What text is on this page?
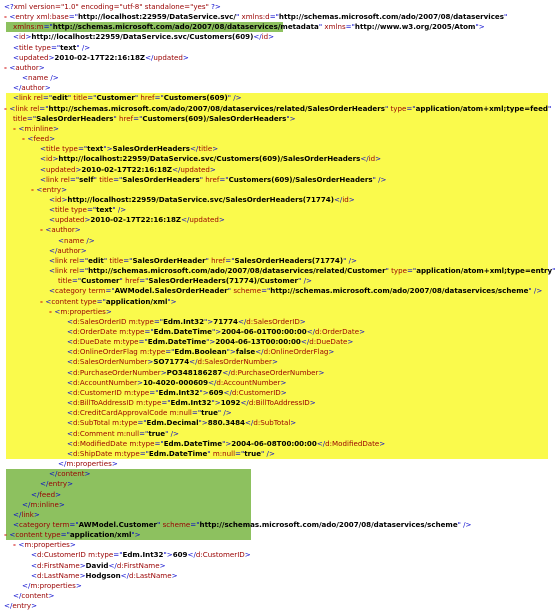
<?xml version="1.0" encoding="utf-8" standalone="yes" ?>
- <entry xml:base="http://localhost:22959/DataService.svc/" xmlns:d="http://schemas.microsoft.com/ado/2007/08/dataservices"
xmlns:m="http://schemas.microsoft.com/ado/2007/08/dataservices/metadata" xmlns="http://www.w3.org/2005/Atom">
<id>http://localhost:22959/DataService.svc/Customers(609)</id>
<title type="text" />
<updated>2010-02-17T22:16:18Z</updated>
- <author>
<name />
</author>
<link rel="edit" title="Customer" href="Customers(609)" />
- <link rel="http://schemas.microsoft.com/ado/2007/08/dataservices/related/SalesOrderHeaders" type="application/atom+xml;type=feed"
title="SalesOrderHeaders" href="Customers(609)/SalesOrderHeaders">
- <m:inline>
- <feed>
<title type="text">SalesOrderHeaders</title>
<id>http://localhost:22959/DataService.svc/Customers(609)/SalesOrderHeaders</id>
<updated>2010-02-17T22:16:18Z</updated>
<link rel="self" title="SalesOrderHeaders" href="Customers(609)/SalesOrderHeaders" />
- <entry>
<id>http://localhost:22959/DataService.svc/SalesOrderHeaders(71774)</id>
<title type="text" />
<updated>2010-02-17T22:16:18Z</updated>
- <author>
<name />
</author>
<link rel="edit" title="SalesOrderHeader" href="SalesOrderHeaders(71774)" />
<link rel="http://schemas.microsoft.com/ado/2007/08/dataservices/related/Customer" type="application/atom+xml;type=entry
title="Customer" href="SalesOrderHeaders(71774)/Customer" />
<category term="AWModel.SalesOrderHeader" scheme="http://schemas.microsoft.com/ado/2007/08/dataservices/scheme" />
- <content type="application/xml">
- <m:properties>
<d:SalesOrderID m:type="Edm.Int32">71774</d:SalesOrderID>
<d:OrderDate m:type="Edm.DateTime">2004-06-01T00:00:00</d:OrderDate>
<d:DueDate m:type="Edm.DateTime">2004-06-13T00:00:00</d:DueDate>
<d:OnlineOrderFlag m:type="Edm.Boolean">false</d:OnlineOrderFlag>
<d:SalesOrderNumber>SO71774</d:SalesOrderNumber>
<d:PurchaseOrderNumber>PO348186287</d:PurchaseOrderNumber>
<d:AccountNumber>10-4020-000609</d:AccountNumber>
<d:CustomerID m:type="Edm.Int32">609</d:CustomerID>
<d:BillToAddressID m:type="Edm.Int32">1092</d:BillToAddressID>
<d:CreditCardApprovalCode m:null="true" />
<d:SubTotal m:type="Edm.Decimal">880.3484</d:SubTotal>
<d:Comment m:null="true" />
<d:ModifiedDate m:type="Edm.DateTime">2004-06-08T00:00:00</d:ModifiedDate>
<d:ShipDate m:type="Edm.DateTime" m:null="true" />
</m:properties>
</content>
</entry>
</feed>
</m:inline>
</link>
<category term="AWModel.Customer" scheme="http://schemas.microsoft.com/ado/2007/08/dataservices/scheme" />
- <content type="application/xml">
- <m:properties>
<d:CustomerID m:type="Edm.Int32">609</d:CustomerID>
<d:FirstName>David</d:FirstName>
<d:LastName>Hodgson</d:LastName>
</m:properties>
</content>
</entry>
